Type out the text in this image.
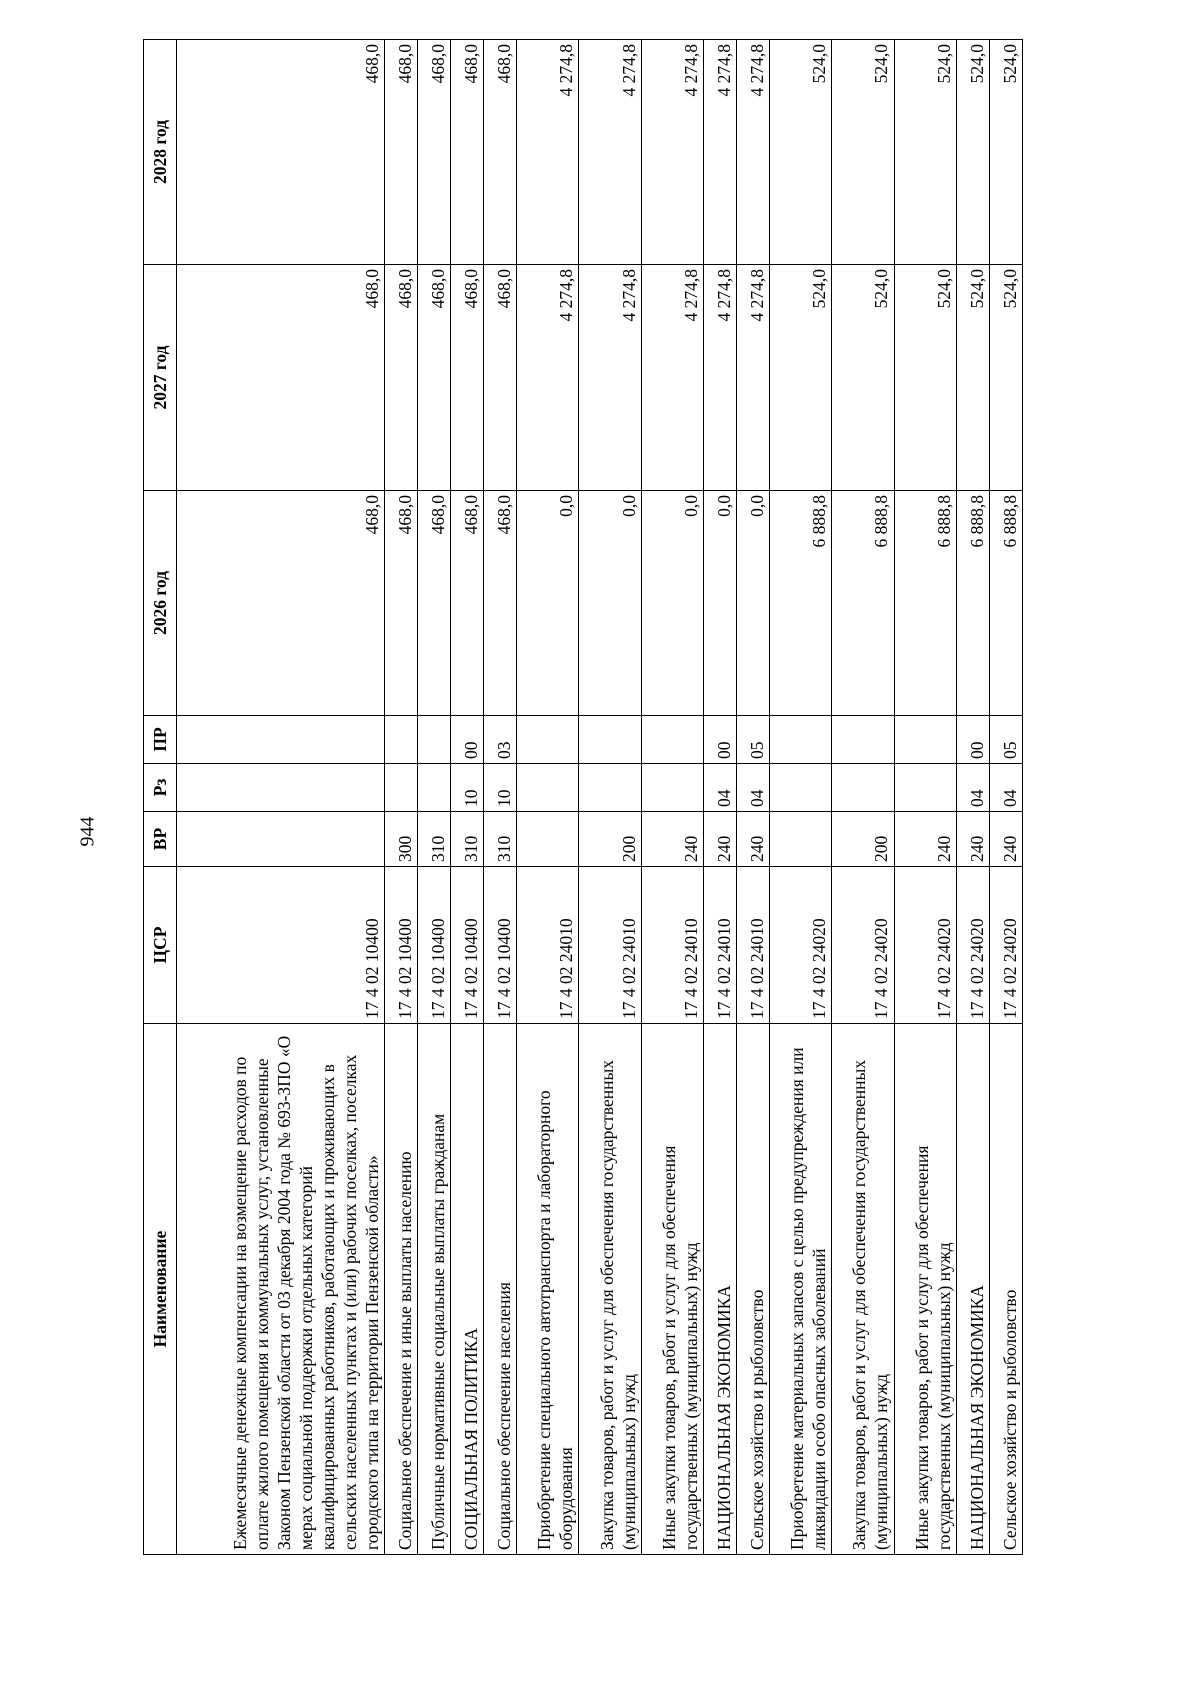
944
Наименование	ЦСР	ВР	Рз	ПР	2026 год	2027 год	2028 год
Ежемесячные денежные компенсации на возмещение расходов по оплате жилого помещения и коммунальных услуг, установленные Законом Пензенской области от 03 декабря 2004 года № 693-ЗПО «О мерах социальной поддержки отдельных категорий квалифицированных работников, работающих и проживающих в сельских населенных пунктах и (или) рабочих поселках, поселках городского типа на территории Пензенской области»	17 4 02 10400				468,0	468,0	468,0
Социальное обеспечение и иные выплаты населению	17 4 02 10400	300			468,0	468,0	468,0
Публичные нормативные социальные выплаты гражданам	17 4 02 10400	310			468,0	468,0	468,0
СОЦИАЛЬНАЯ ПОЛИТИКА	17 4 02 10400	310	10	00	468,0	468,0	468,0
Социальное обеспечение населения	17 4 02 10400	310	10	03	468,0	468,0	468,0
Приобретение специального автотранспорта и лабораторного оборудования	17 4 02 24010				0,0	4 274,8	4 274,8
Закупка товаров, работ и услуг для обеспечения государственных (муниципальных) нужд	17 4 02 24010	200			0,0	4 274,8	4 274,8
Иные закупки товаров, работ и услуг для обеспечения государственных (муниципальных) нужд	17 4 02 24010	240			0,0	4 274,8	4 274,8
НАЦИОНАЛЬНАЯ ЭКОНОМИКА	17 4 02 24010	240	04	00	0,0	4 274,8	4 274,8
Сельское хозяйство и рыболовство	17 4 02 24010	240	04	05	0,0	4 274,8	4 274,8
Приобретение материальных запасов с целью предупреждения или ликвидации особо опасных заболеваний	17 4 02 24020				6 888,8	524,0	524,0
Закупка товаров, работ и услуг для обеспечения государственных (муниципальных) нужд	17 4 02 24020	200			6 888,8	524,0	524,0
Иные закупки товаров, работ и услуг для обеспечения государственных (муниципальных) нужд	17 4 02 24020	240			6 888,8	524,0	524,0
НАЦИОНАЛЬНАЯ ЭКОНОМИКА	17 4 02 24020	240	04	00	6 888,8	524,0	524,0
Сельское хозяйство и рыболовство	17 4 02 24020	240	04	05	6 888,8	524,0	524,0
